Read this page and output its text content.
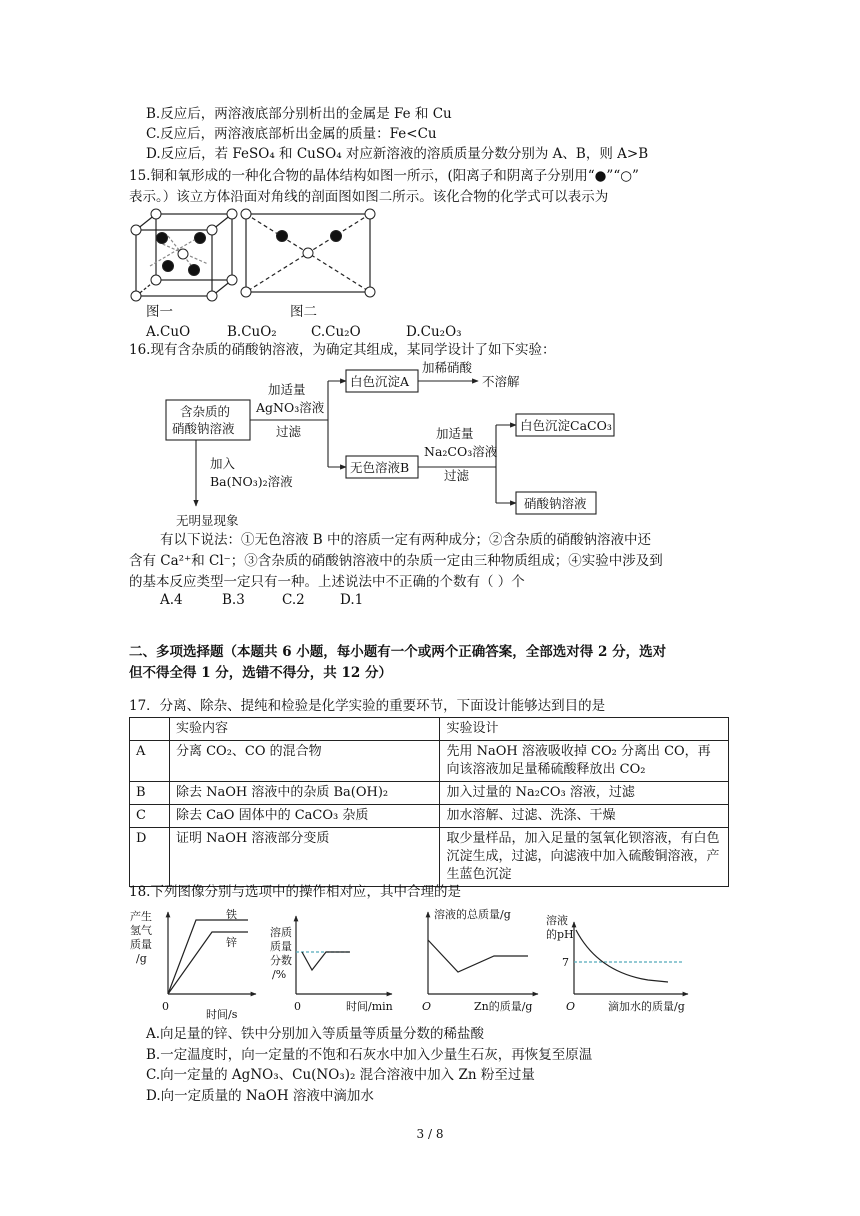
B.反应后，两溶液底部分别析出的金属是 Fe 和 Cu
C.反应后，两溶液底部析出金属的质量：Fe<Cu
D.反应后，若 FeSO₄ 和 CuSO₄ 对应新溶液的溶质质量分数分别为 A、B，则 A>B
15.铜和氧形成的一种化合物的晶体结构如图一所示，(阳离子和阴离子分别用“●”“○”
表示。）该立方体沿面对角线的剖面图如图二所示。该化合物的化学式可以表示为
图一	图二
A.CuO	B.CuO₂	C.Cu₂O	D.Cu₂O₃
16.现有含杂质的硝酸钠溶液，为确定其组成，某同学设计了如下实验：
含杂质的
硝酸钠溶液
加适量
AgNO₃溶液
过滤
白色沉淀A
加稀硝酸
不溶解
无色溶液B
加适量
Na₂CO₃溶液
过滤
白色沉淀CaCO₃
硝酸钠溶液
加入
Ba(NO₃)₂溶液
无明显现象
有以下说法：①无色溶液 B 中的溶质一定有两种成分；②含杂质的硝酸钠溶液中还
含有 Ca²⁺和 Cl⁻；③含杂质的硝酸钠溶液中的杂质一定由三种物质组成；④实验中涉及到
的基本反应类型一定只有一种。上述说法中不正确的个数有（ ）个
A.4	B.3	C.2	D.1
二、多项选择题（本题共 6 小题，每小题有一个或两个正确答案，全部选对得 2 分，选对
但不得全得 1 分，选错不得分，共 12 分）
17．分离、除杂、提纯和检验是化学实验的重要环节，下面设计能够达到目的是
	实验内容	实验设计
A	分离 CO₂、CO 的混合物	先用 NaOH 溶液吸收掉 CO₂ 分离出 CO，再向该溶液加足量稀硫酸释放出 CO₂
B	除去 NaOH 溶液中的杂质 Ba(OH)₂	加入过量的 Na₂CO₃ 溶液，过滤
C	除去 CaO 固体中的 CaCO₃ 杂质	加水溶解、过滤、洗涤、干燥
D	证明 NaOH 溶液部分变质	取少量样品，加入足量的氢氧化钡溶液，有白色沉淀生成，过滤，向滤液中加入硫酸铜溶液，产生蓝色沉淀
18.下列图像分别与选项中的操作相对应，其中合理的是
产生
氢气
质量
/g
铁
锌
0
时间/s
溶质
质量
分数
/%
0	时间/min
溶液的总质量/g
O	Zn的质量/g
溶液
的pH
7
O	滴加水的质量/g
A.向足量的锌、铁中分别加入等质量等质量分数的稀盐酸
B.一定温度时，向一定量的不饱和石灰水中加入少量生石灰，再恢复至原温
C.向一定量的 AgNO₃、Cu(NO₃)₂ 混合溶液中加入 Zn 粉至过量
D.向一定质量的 NaOH 溶液中滴加水
3 / 8
